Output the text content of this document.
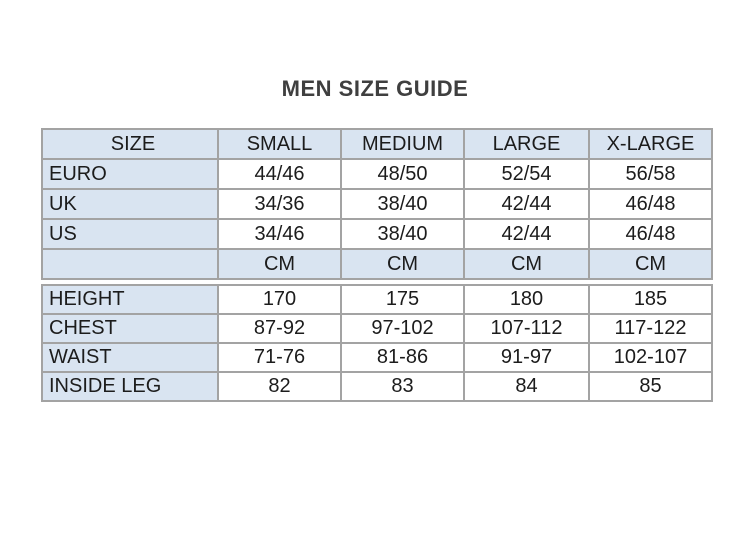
MEN SIZE GUIDE
SIZE	SMALL	MEDIUM	LARGE	X-LARGE
EURO	44/46	48/50	52/54	56/58
UK	34/36	38/40	42/44	46/48
US	34/46	38/40	42/44	46/48
	CM	CM	CM	CM
HEIGHT	170	175	180	185
CHEST	87-92	97-102	107-112	117-122
WAIST	71-76	81-86	91-97	102-107
INSIDE LEG	82	83	84	85
